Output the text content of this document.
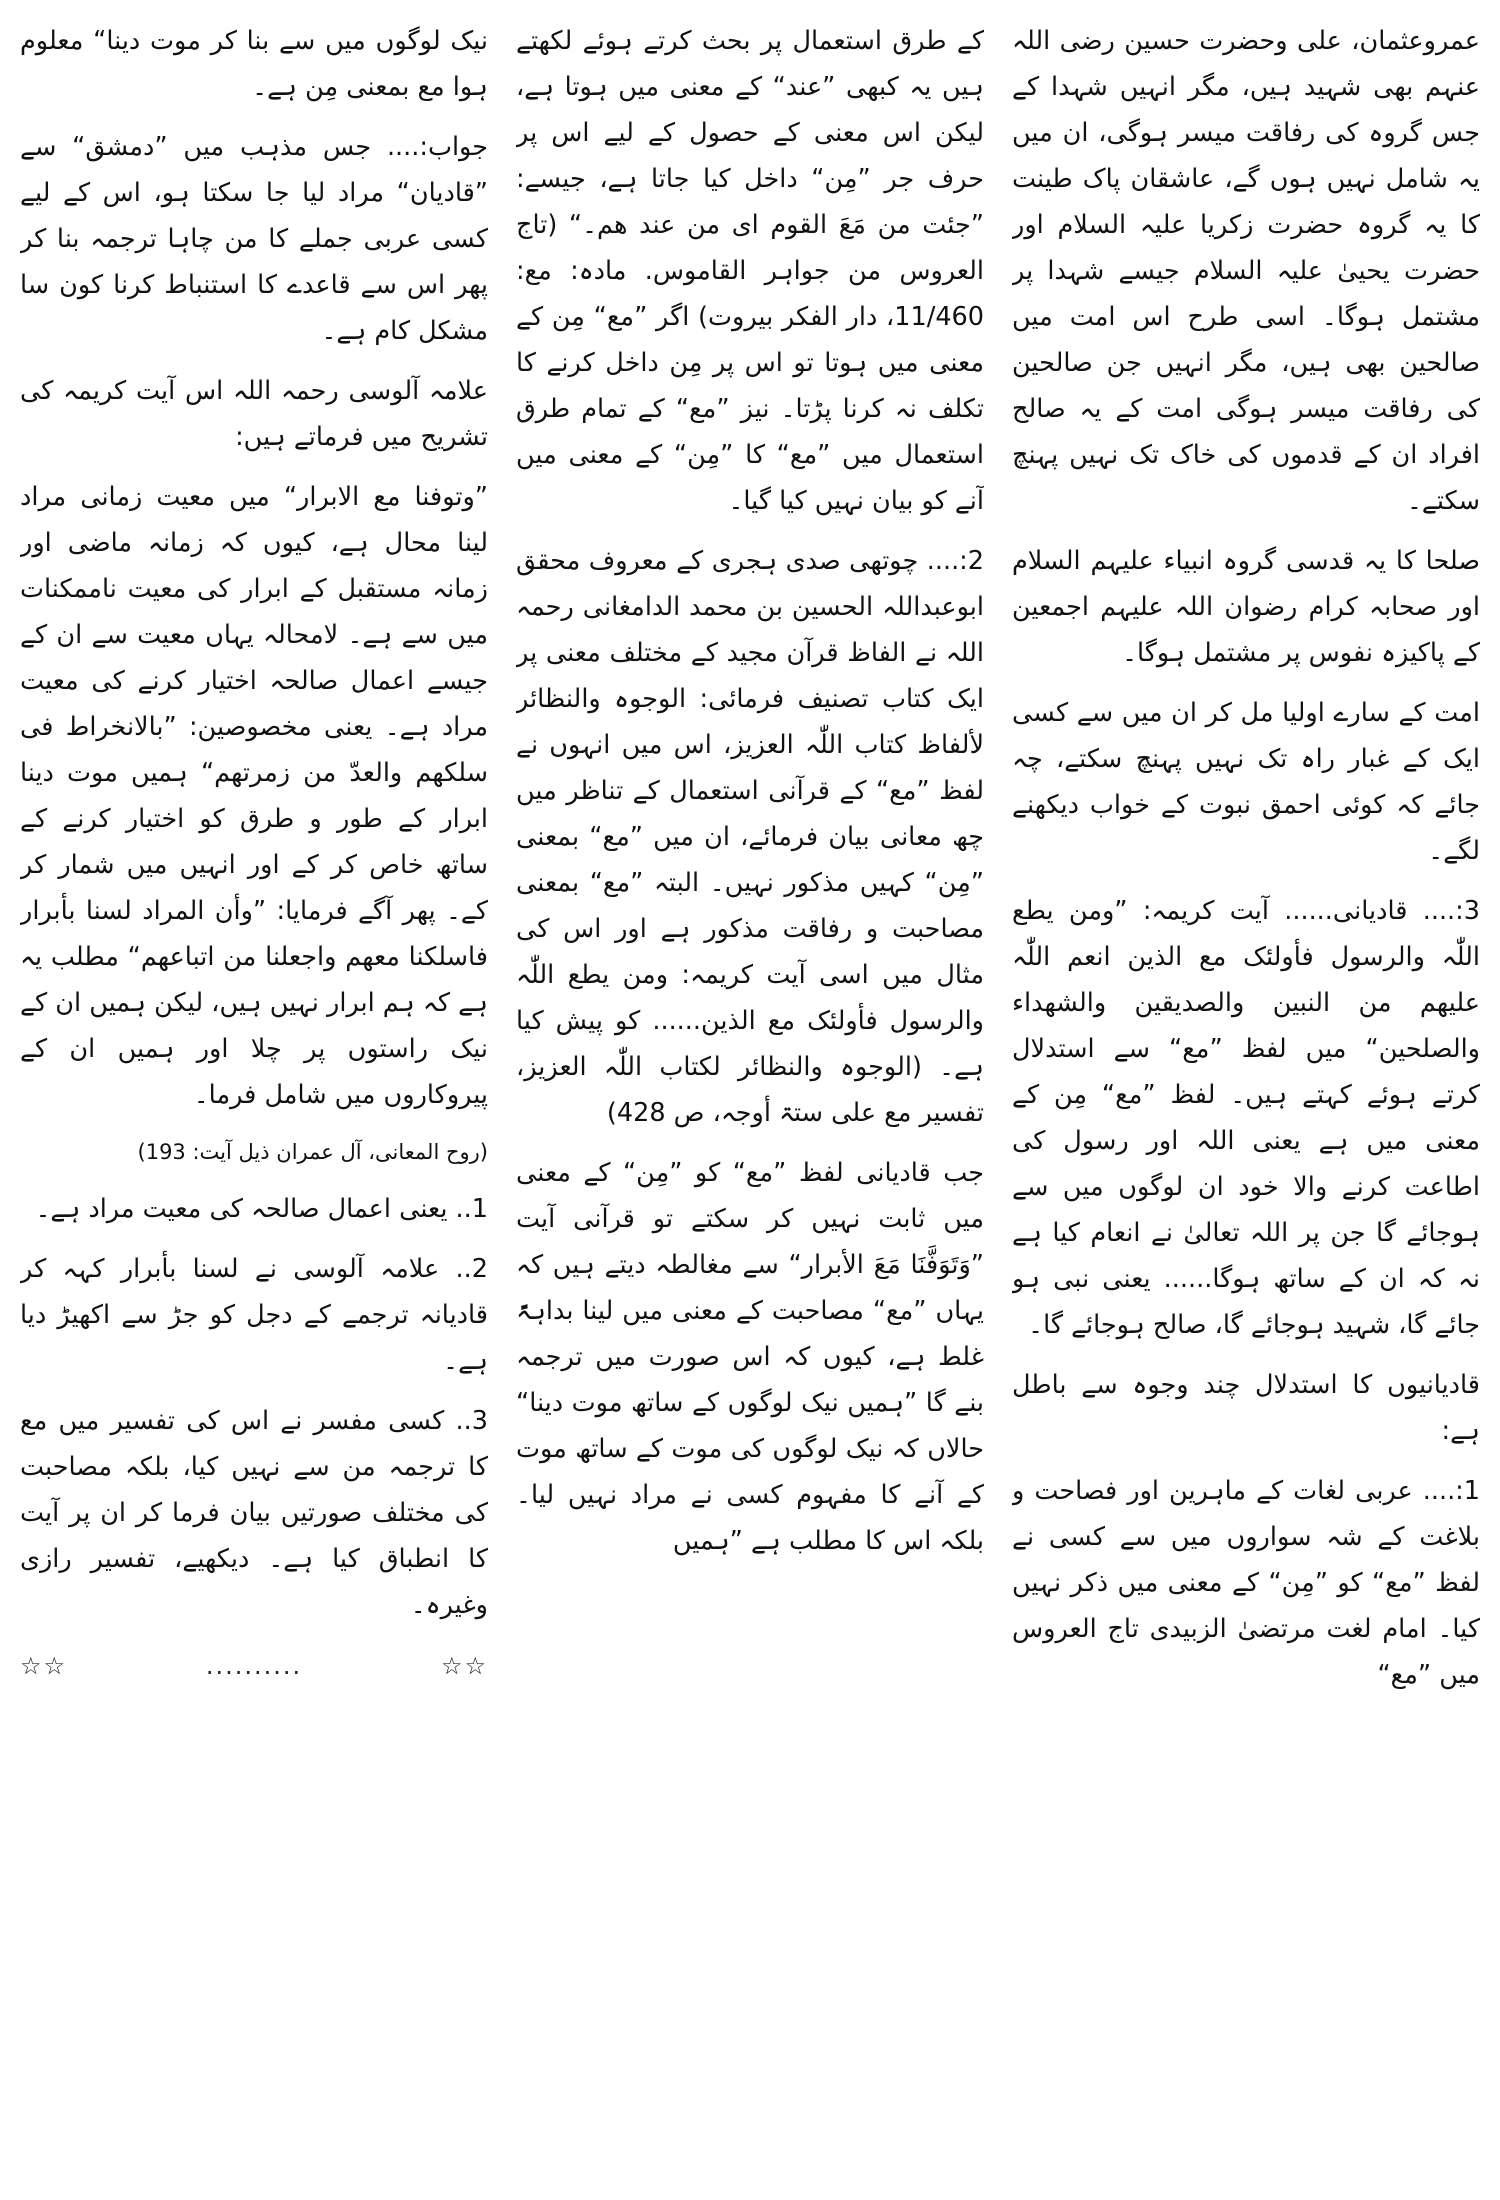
عمروعثمان، علی وحضرت حسین رضی اللہ عنہم بھی شہید ہیں، مگر انہیں شہدا کے جس گروہ کی رفاقت میسر ہوگی، ان میں یہ شامل نہیں ہوں گے، عاشقان پاک طینت کا یہ گروہ حضرت زکریا علیہ السلام اور حضرت یحییٰ علیہ السلام جیسے شہدا پر مشتمل ہوگا۔ اسی طرح اس امت میں صالحین بھی ہیں، مگر انہیں جن صالحین کی رفاقت میسر ہوگی امت کے یہ صالح افراد ان کے قدموں کی خاک تک نہیں پہنچ سکتے۔

صلحا کا یہ قدسی گروہ انبیاء علیہم السلام اور صحابہ کرام رضوان اللہ علیہم اجمعین کے پاکیزہ نفوس پر مشتمل ہوگا۔

امت کے سارے اولیا مل کر ان میں سے کسی ایک کے غبار راہ تک نہیں پہنچ سکتے، چہ جائے کہ کوئی احمق نبوت کے خواب دیکھنے لگے۔

3:.... قادیانی...... آیت کریمہ: ”ومن یطع اللّٰہ والرسول فأولئک مع الذین انعم اللّٰہ علیھم من النبین والصدیقین والشھداء والصلحین“ میں لفظ ”مع“ سے استدلال کرتے ہوئے کہتے ہیں۔ لفظ ”مع“ مِن کے معنی میں ہے یعنی اللہ اور رسول کی اطاعت کرنے والا خود ان لوگوں میں سے ہوجائے گا جن پر اللہ تعالیٰ نے انعام کیا ہے نہ کہ ان کے ساتھ ہوگا...... یعنی نبی ہو جائے گا، شہید ہوجائے گا، صالح ہوجائے گا۔

قادیانیوں کا استدلال چند وجوہ سے باطل ہے:

1:.... عربی لغات کے ماہرین اور فصاحت و بلاغت کے شہ سواروں میں سے کسی نے لفظ ”مع“ کو ”مِن“ کے معنی میں ذکر نہیں کیا۔ امام لغت مرتضیٰ الزبیدی تاج العروس میں ”مع“

کے طرق استعمال پر بحث کرتے ہوئے لکھتے ہیں یہ کبھی ”عند“ کے معنی میں ہوتا ہے، لیکن اس معنی کے حصول کے لیے اس پر حرف جر ”مِن“ داخل کیا جاتا ہے، جیسے: ”جئت من مَعَ القوم ای من عند ھم۔“ (تاج العروس من جواہر القاموس. مادہ: مع: 11/460، دار الفکر بیروت) اگر ”مع“ مِن کے معنی میں ہوتا تو اس پر مِن داخل کرنے کا تکلف نہ کرنا پڑتا۔ نیز ”مع“ کے تمام طرق استعمال میں ”مع“ کا ”مِن“ کے معنی میں آنے کو بیان نہیں کیا گیا۔

2:.... چوتھی صدی ہجری کے معروف محقق ابوعبداللہ الحسین بن محمد الدامغانی رحمہ اللہ نے الفاظ قرآن مجید کے مختلف معنی پر ایک کتاب تصنیف فرمائی: الوجوہ والنظائر لألفاظ کتاب اللّٰہ العزیز، اس میں انہوں نے لفظ ”مع“ کے قرآنی استعمال کے تناظر میں چھ معانی بیان فرمائے، ان میں ”مع“ بمعنی ”مِن“ کہیں مذکور نہیں۔ البتہ ”مع“ بمعنی مصاحبت و رفاقت مذکور ہے اور اس کی مثال میں اسی آیت کریمہ: ومن یطع اللّٰہ والرسول فأولئک مع الذین...... کو پیش کیا ہے۔ (الوجوہ والنظائر لکتاب اللّٰہ العزیز، تفسیر مع علی ستۃ أوجہ، ص 428)

جب قادیانی لفظ ”مع“ کو ”مِن“ کے معنی میں ثابت نہیں کر سکتے تو قرآنی آیت ”وَتَوَفَّنَا مَعَ الأبرار“ سے مغالطہ دیتے ہیں کہ یہاں ”مع“ مصاحبت کے معنی میں لینا بداہۃً غلط ہے، کیوں کہ اس صورت میں ترجمہ بنے گا ”ہمیں نیک لوگوں کے ساتھ موت دینا“ حالاں کہ نیک لوگوں کی موت کے ساتھ موت کے آنے کا مفہوم کسی نے مراد نہیں لیا۔ بلکہ اس کا مطلب ہے ”ہمیں

نیک لوگوں میں سے بنا کر موت دینا“ معلوم ہوا مع بمعنی مِن ہے۔

جواب:.... جس مذہب میں ”دمشق“ سے ”قادیان“ مراد لیا جا سکتا ہو، اس کے لیے کسی عربی جملے کا من چاہا ترجمہ بنا کر پھر اس سے قاعدے کا استنباط کرنا کون سا مشکل کام ہے۔

علامہ آلوسی رحمہ اللہ اس آیت کریمہ کی تشریح میں فرماتے ہیں:

”وتوفنا مع الابرار“ میں معیت زمانی مراد لینا محال ہے، کیوں کہ زمانہ ماضی اور زمانہ مستقبل کے ابرار کی معیت ناممکنات میں سے ہے۔ لامحالہ یہاں معیت سے ان کے جیسے اعمال صالحہ اختیار کرنے کی معیت مراد ہے۔ یعنی مخصوصین: ”بالانخراط فی سلکھم والعدّ من زمرتھم“ ہمیں موت دینا ابرار کے طور و طرق کو اختیار کرنے کے ساتھ خاص کر کے اور انہیں میں شمار کر کے۔ پھر آگے فرمایا: ”وأن المراد لسنا بأبرار فاسلکنا معھم واجعلنا من اتباعھم“ مطلب یہ ہے کہ ہم ابرار نہیں ہیں، لیکن ہمیں ان کے نیک راستوں پر چلا اور ہمیں ان کے پیروکاروں میں شامل فرما۔

(روح المعانی، آل عمران ذیل آیت: 193)

1.. یعنی اعمال صالحہ کی معیت مراد ہے۔

2.. علامہ آلوسی نے لسنا بأبرار کہہ کر قادیانہ ترجمے کے دجل کو جڑ سے اکھیڑ دیا ہے۔

3.. کسی مفسر نے اس کی تفسیر میں مع کا ترجمہ من سے نہیں کیا، بلکہ مصاحبت کی مختلف صورتیں بیان فرما کر ان پر آیت کا انطباق کیا ہے۔ دیکھیے، تفسیر رازی وغیرہ۔

☆☆	..........	☆☆
